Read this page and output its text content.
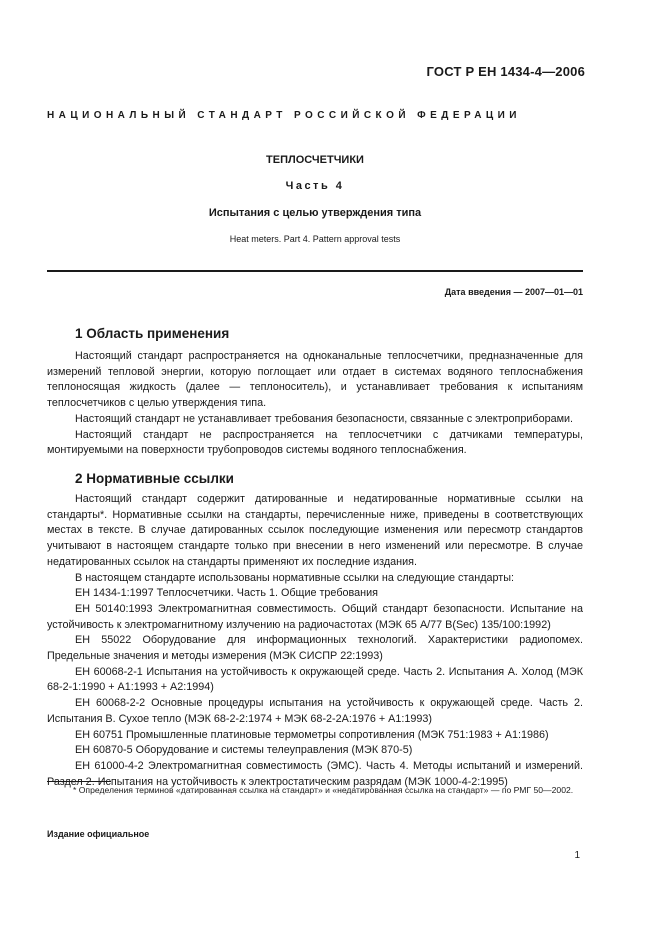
ГОСТ Р ЕН 1434-4—2006
НАЦИОНАЛЬНЫЙ СТАНДАРТ РОССИЙСКОЙ ФЕДЕРАЦИИ
ТЕПЛОСЧЕТЧИКИ
Часть 4
Испытания с целью утверждения типа
Heat meters. Part 4. Pattern approval tests
Дата введения — 2007—01—01
1 Область применения

Настоящий стандарт распространяется на одноканальные теплосчетчики, предназначенные для измерений тепловой энергии, которую поглощает или отдает в системах водяного теплоснабжения теплоносящая жидкость (далее — теплоноситель), и устанавливает требования к испытаниям теплосчетчиков с целью утверждения типа.

Настоящий стандарт не устанавливает требования безопасности, связанные с электроприборами.

Настоящий стандарт не распространяется на теплосчетчики с датчиками температуры, монтируемыми на поверхности трубопроводов системы водяного теплоснабжения.

2 Нормативные ссылки

Настоящий стандарт содержит датированные и недатированные нормативные ссылки на стандарты*. Нормативные ссылки на стандарты, перечисленные ниже, приведены в соответствующих местах в тексте. В случае датированных ссылок последующие изменения или пересмотр стандартов учитывают в настоящем стандарте только при внесении в него изменений или пересмотре. В случае недатированных ссылок на стандарты применяют их последние издания.

В настоящем стандарте использованы нормативные ссылки на следующие стандарты:

ЕН 1434-1:1997 Теплосчетчики. Часть 1. Общие требования

ЕН 50140:1993 Электромагнитная совместимость. Общий стандарт безопасности. Испытание на устойчивость к электромагнитному излучению на радиочастотах (МЭК 65 А/77 В(Sec) 135/100:1992)

ЕН 55022 Оборудование для информационных технологий. Характеристики радиопомех. Предельные значения и методы измерения (МЭК СИСПР 22:1993)

ЕН 60068-2-1 Испытания на устойчивость к окружающей среде. Часть 2. Испытания А. Холод (МЭК 68-2-1:1990 + А1:1993 + А2:1994)

ЕН 60068-2-2 Основные процедуры испытания на устойчивость к окружающей среде. Часть 2. Испытания В. Сухое тепло (МЭК 68-2-2:1974 + МЭК 68-2-2А:1976 + А1:1993)

ЕН 60751 Промышленные платиновые термометры сопротивления (МЭК 751:1983 + А1:1986)

ЕН 60870-5 Оборудование и системы телеуправления (МЭК 870-5)

ЕН 61000-4-2 Электромагнитная совместимость (ЭМС). Часть 4. Методы испытаний и измерений. Раздел 2. Испытания на устойчивость к электростатическим разрядам (МЭК 1000-4-2:1995)

* Определения терминов «датированная ссылка на стандарт» и «недатированная ссылка на стандарт» — по РМГ 50—2002.

Издание официальное
1
